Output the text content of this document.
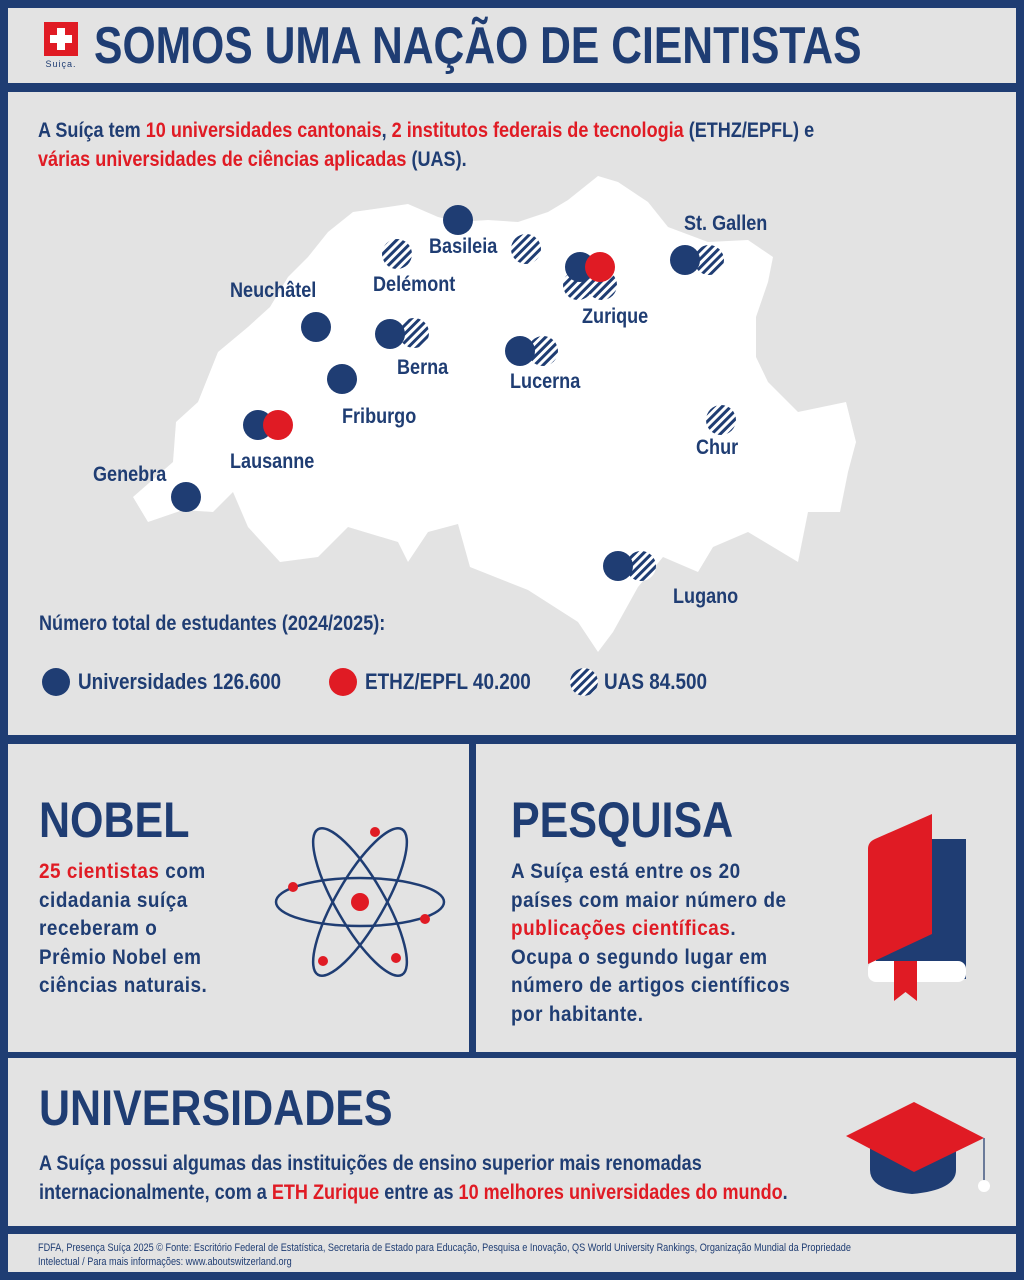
Suiça. SOMOS UMA NAÇÃO DE CIENTISTAS
A Suíça tem 10 universidades cantonais, 2 institutos federais de tecnologia (ETHZ/EPFL) e
várias universidades de ciências aplicadas (UAS).
Basileia
Delémont
Neuchâtel
Berna
Friburgo
Lausanne
Genebra
Zurique
St. Gallen
Lucerna
Chur
Lugano
Número total de estudantes (2024/2025):
Universidades 126.600	ETHZ/EPFL 40.200	UAS 84.500
NOBEL
25 cientistas com cidadania suíça receberam o Prêmio Nobel em ciências naturais.
PESQUISA
A Suíça está entre os 20 países com maior número de publicações científicas. Ocupa o segundo lugar em número de artigos científicos por habitante.
UNIVERSIDADES
A Suíça possui algumas das instituições de ensino superior mais renomadas internacionalmente, com a ETH Zurique entre as 10 melhores universidades do mundo.
FDFA, Presença Suíça 2025 © Fonte: Escritório Federal de Estatística, Secretaria de Estado para Educação, Pesquisa e Inovação, QS World University Rankings, Organização Mundial da Propriedade
Intelectual / Para mais informações: www.aboutswitzerland.org
